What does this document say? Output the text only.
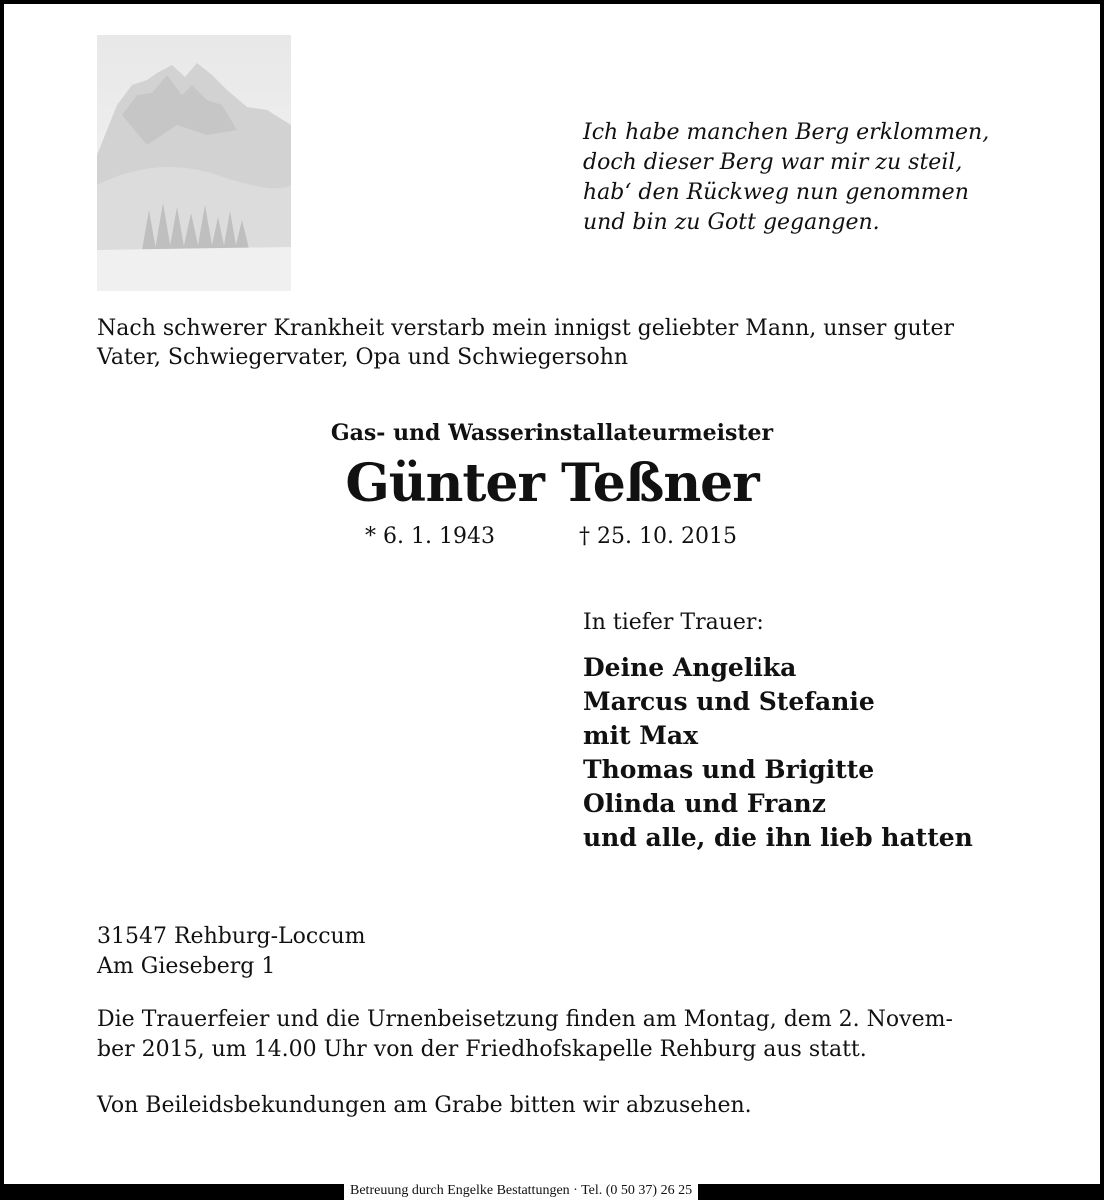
Ich habe manchen Berg erklommen,
doch dieser Berg war mir zu steil,
hab‘ den Rückweg nun genommen
und bin zu Gott gegangen.
Nach schwerer Krankheit verstarb mein innigst geliebter Mann, unser guter
Vater, Schwiegervater, Opa und Schwiegersohn
Gas- und Wasserinstallateurmeister
Günter Teßner
* 6. 1. 1943	† 25. 10. 2015
In tiefer Trauer:
Deine Angelika
Marcus und Stefanie
mit Max
Thomas und Brigitte
Olinda und Franz
und alle, die ihn lieb hatten
31547 Rehburg-Loccum
Am Gieseberg 1
Die Trauerfeier und die Urnenbeisetzung finden am Montag, dem 2. Novem-
ber 2015, um 14.00 Uhr von der Friedhofskapelle Rehburg aus statt.
Von Beileidsbekundungen am Grabe bitten wir abzusehen.
Betreuung durch Engelke Bestattungen · Tel. (0 50 37) 26 25
